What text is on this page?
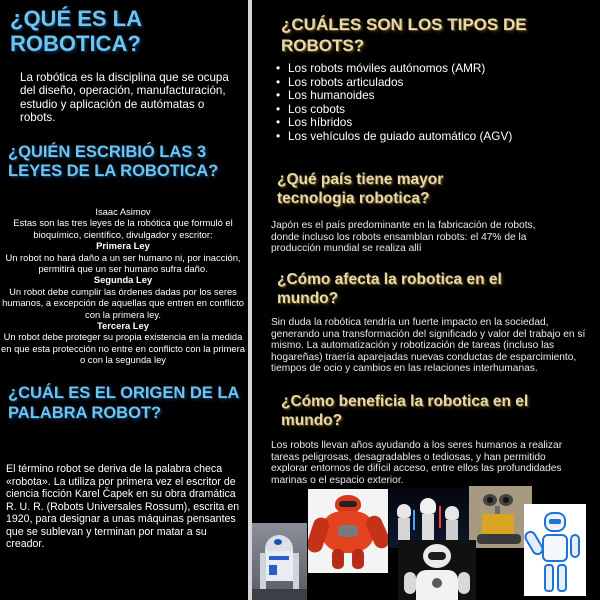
¿QUÉ ES LA
ROBOTICA?

La robótica es la disciplina que se ocupa del diseño, operación, manufacturación, estudio y aplicación de autómatas o robots.

¿QUIÉN ESCRIBIÓ LAS 3 LEYES DE LA ROBOTICA?
Isaac Asimov
Estas son las tres leyes de la robótica que formuló el bioquímico, científico, divulgador y escritor:
Primera Ley
Un robot no hará daño a un ser humano ni, por inacción, permitirá que un ser humano sufra daño.
Segunda Ley
Un robot debe cumplir las órdenes dadas por los seres humanos, a excepción de aquellas que entren en conflicto con la primera ley.
Tercera Ley
Un robot debe proteger su propia existencia en la medida en que esta protección no entre en conflicto con la primera o con la segunda ley
¿CUÁL ES EL ORIGEN DE LA PALABRA ROBOT?

El término robot se deriva de la palabra checa «robota». La utiliza por primera vez el escritor de ciencia ficción Karel Čapek en su obra dramática R. U. R. (Robots Universales Rossum), escrita en 1920, para designar a unas máquinas pensantes que se sublevan y terminan por matar a su creador.

¿CUÁLES SON LOS TIPOS DE ROBOTS?
• Los robots móviles autónomos (AMR)
• Los robots articulados
• Los humanoides
• Los cobots
• Los híbridos
• Los vehículos de guiado automático (AGV)
¿Qué país tiene mayor tecnologia robotica?

Japón es el país predominante en la fabricación de robots, donde incluso los robots ensamblan robots: el 47% de la producción mundial se realiza allí

¿Cómo afecta la robotica en el mundo?

Sin duda la robótica tendría un fuerte impacto en la sociedad, generando una transformación del significado y valor del trabajo en sí mismo. La automatización y robotización de tareas (incluso las hogareñas) traería aparejadas nuevas conductas de esparcimiento, tiempos de ocio y cambios en las relaciones interhumanas.

¿Cómo beneficia la robotica en el mundo?

Los robots llevan años ayudando a los seres humanos a realizar tareas peligrosas, desagradables o tediosas, y han permitido explorar entornos de difícil acceso, entre ellos las profundidades marinas o el espacio exterior.
